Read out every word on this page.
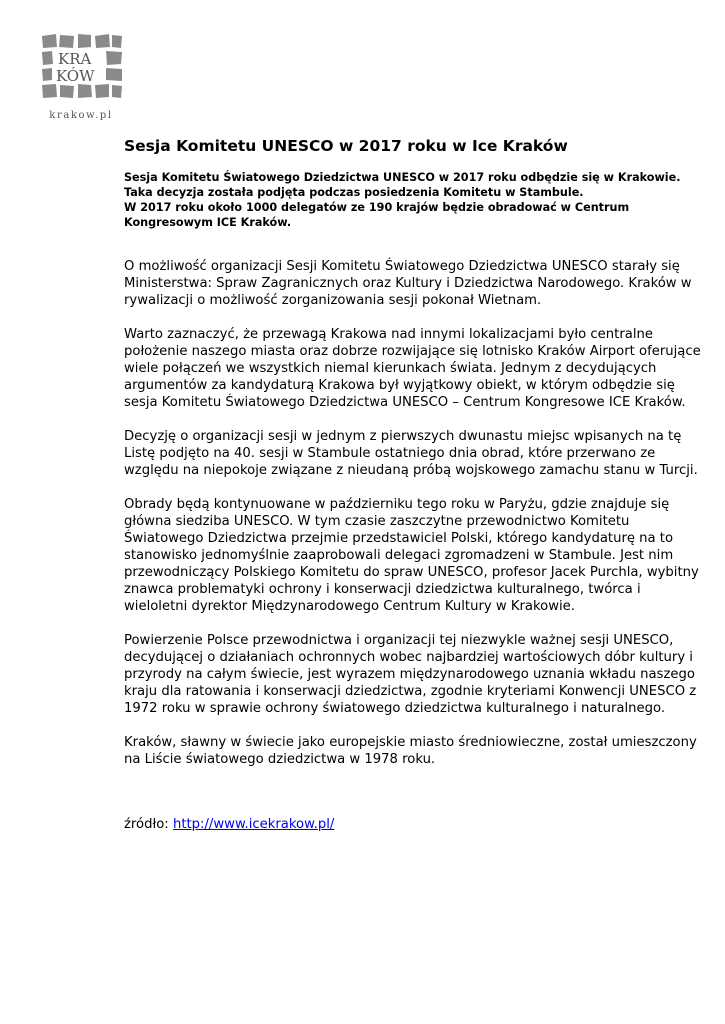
KRA
KÓW
krakow.pl
Sesja Komitetu UNESCO w 2017 roku w Ice Kraków
Sesja Komitetu Światowego Dziedzictwa UNESCO w 2017 roku odbędzie się w Krakowie. Taka decyzja została podjęta podczas posiedzenia Komitetu w Stambule.
W 2017 roku około 1000 delegatów ze 190 krajów będzie obradować w Centrum Kongresowym ICE Kraków.

O możliwość organizacji Sesji Komitetu Światowego Dziedzictwa UNESCO starały się Ministerstwa: Spraw Zagranicznych oraz Kultury i Dziedzictwa Narodowego. Kraków w rywalizacji o możliwość zorganizowania sesji pokonał Wietnam.

Warto zaznaczyć, że przewagą Krakowa nad innymi lokalizacjami było centralne położenie naszego miasta oraz dobrze rozwijające się lotnisko Kraków Airport oferujące wiele połączeń we wszystkich niemal kierunkach świata. Jednym z decydujących argumentów za kandydaturą Krakowa był wyjątkowy obiekt, w którym odbędzie się sesja Komitetu Światowego Dziedzictwa UNESCO – Centrum Kongresowe ICE Kraków.

Decyzję o organizacji sesji w jednym z pierwszych dwunastu miejsc wpisanych na tę Listę podjęto na 40. sesji w Stambule ostatniego dnia obrad, które przerwano ze względu na niepokoje związane z nieudaną próbą wojskowego zamachu stanu w Turcji.

Obrady będą kontynuowane w październiku tego roku w Paryżu, gdzie znajduje się główna siedziba UNESCO. W tym czasie zaszczytne przewodnictwo Komitetu Światowego Dziedzictwa przejmie przedstawiciel Polski, którego kandydaturę na to stanowisko jednomyślnie zaaprobowali delegaci zgromadzeni w Stambule. Jest nim przewodniczący Polskiego Komitetu do spraw UNESCO, profesor Jacek Purchla, wybitny znawca problematyki ochrony i konserwacji dziedzictwa kulturalnego, twórca i wieloletni dyrektor Międzynarodowego Centrum Kultury w Krakowie.

Powierzenie Polsce przewodnictwa i organizacji tej niezwykle ważnej sesji UNESCO, decydującej o działaniach ochronnych wobec najbardziej wartościowych dóbr kultury i przyrody na całym świecie, jest wyrazem międzynarodowego uznania wkładu naszego kraju dla ratowania i konserwacji dziedzictwa, zgodnie kryteriami Konwencji UNESCO z 1972 roku w sprawie ochrony światowego dziedzictwa kulturalnego i naturalnego.

Kraków, sławny w świecie jako europejskie miasto średniowieczne, został umieszczony na Liście światowego dziedzictwa w 1978 roku.

źródło: http://www.icekrakow.pl/
